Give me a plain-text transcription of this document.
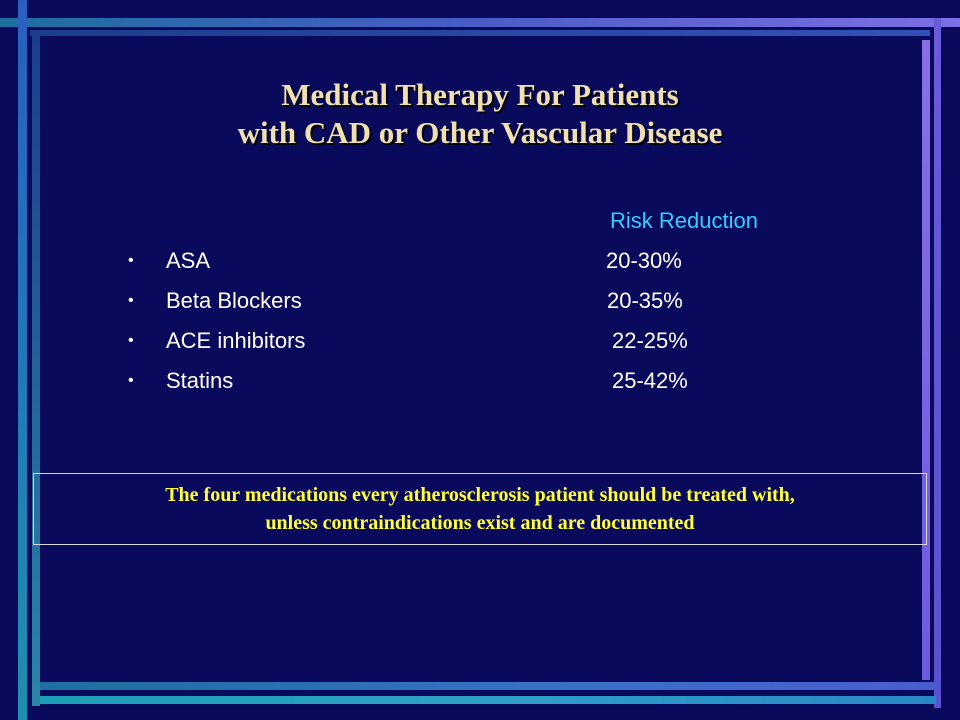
Medical Therapy For Patients
with CAD or Other Vascular Disease
Risk Reduction
• ASA	20-30%
• Beta Blockers	20-35%
• ACE inhibitors	22-25%
• Statins	25-42%
The four medications every atherosclerosis patient should be treated with,
unless contraindications exist and are documented
